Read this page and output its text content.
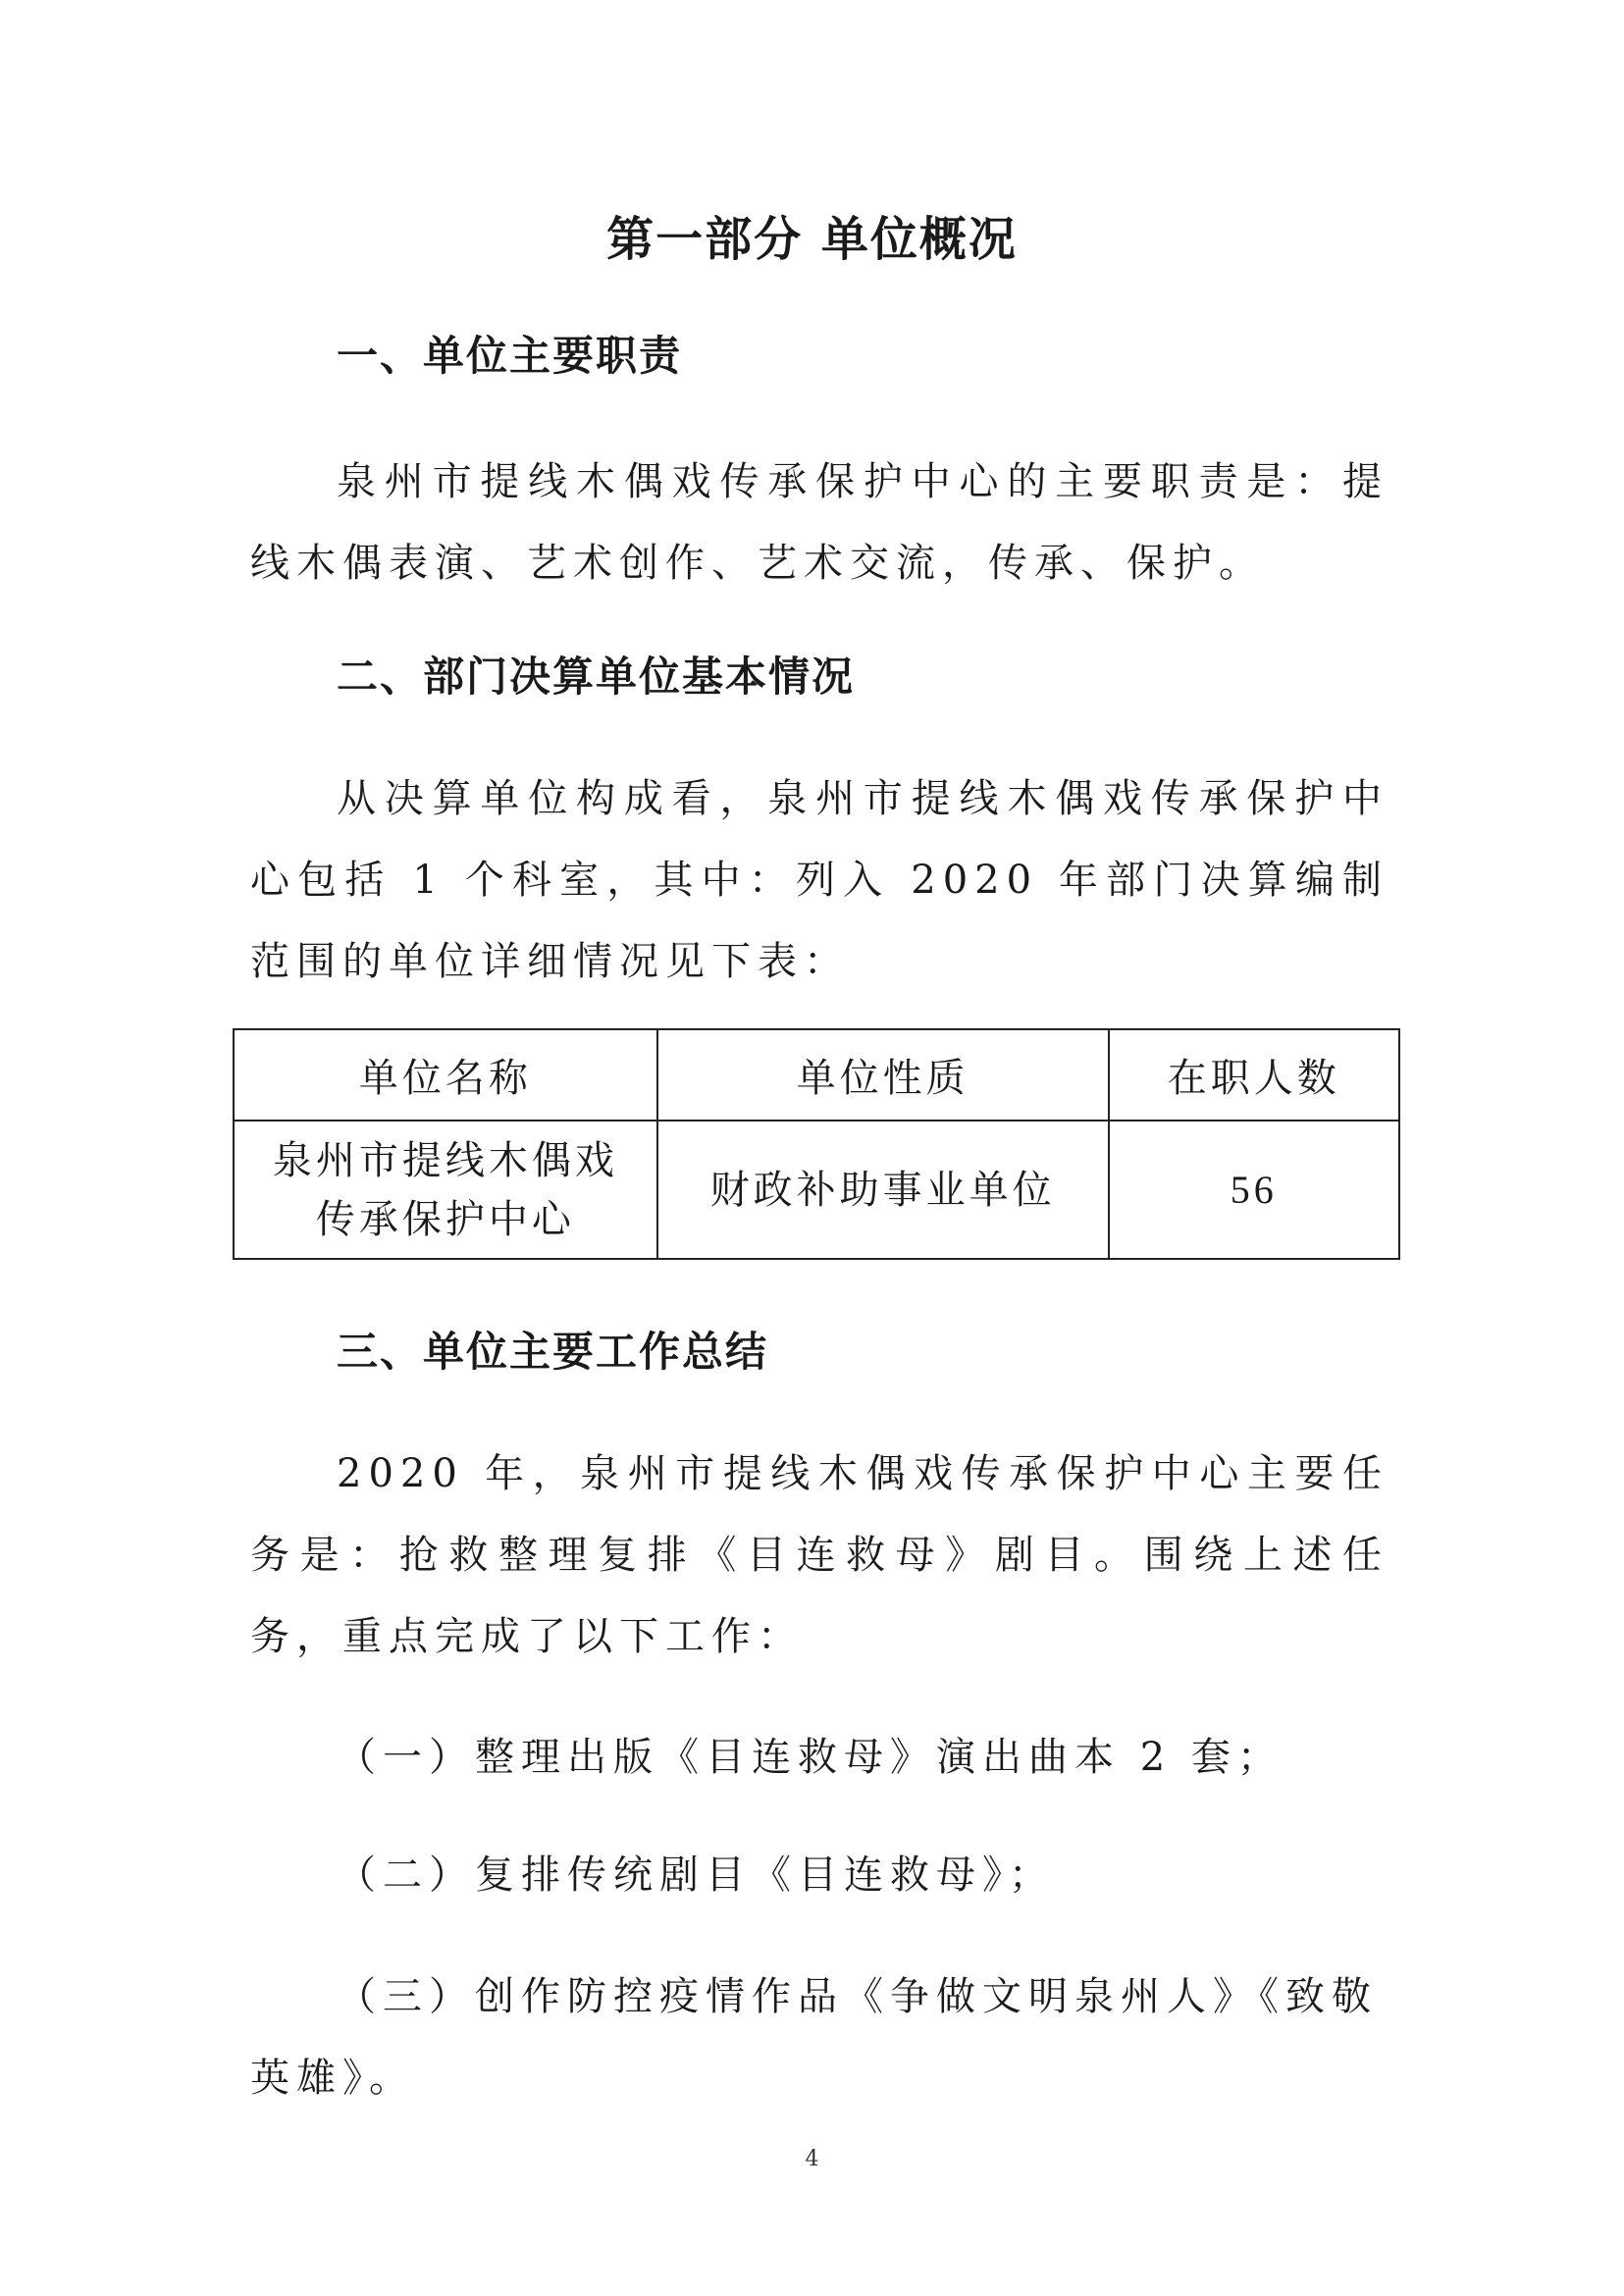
第一部分 单位概况
一、单位主要职责
泉州市提线木偶戏传承保护中心的主要职责是：提线木偶表演、艺术创作、艺术交流，传承、保护。
二、部门决算单位基本情况
从决算单位构成看，泉州市提线木偶戏传承保护中心包括 1 个科室，其中：列入 2020 年部门决算编制范围的单位详细情况见下表：
单位名称	单位性质	在职人数

泉州市提线木偶戏
传承保护中心	财政补助事业单位	56
三、单位主要工作总结
2020 年，泉州市提线木偶戏传承保护中心主要任务是：抢救整理复排《目连救母》剧目。围绕上述任务，重点完成了以下工作：
（一）整理出版《目连救母》演出曲本 2 套；
（二）复排传统剧目《目连救母》；
（三）创作防控疫情作品《争做文明泉州人》《致敬英雄》。
4
